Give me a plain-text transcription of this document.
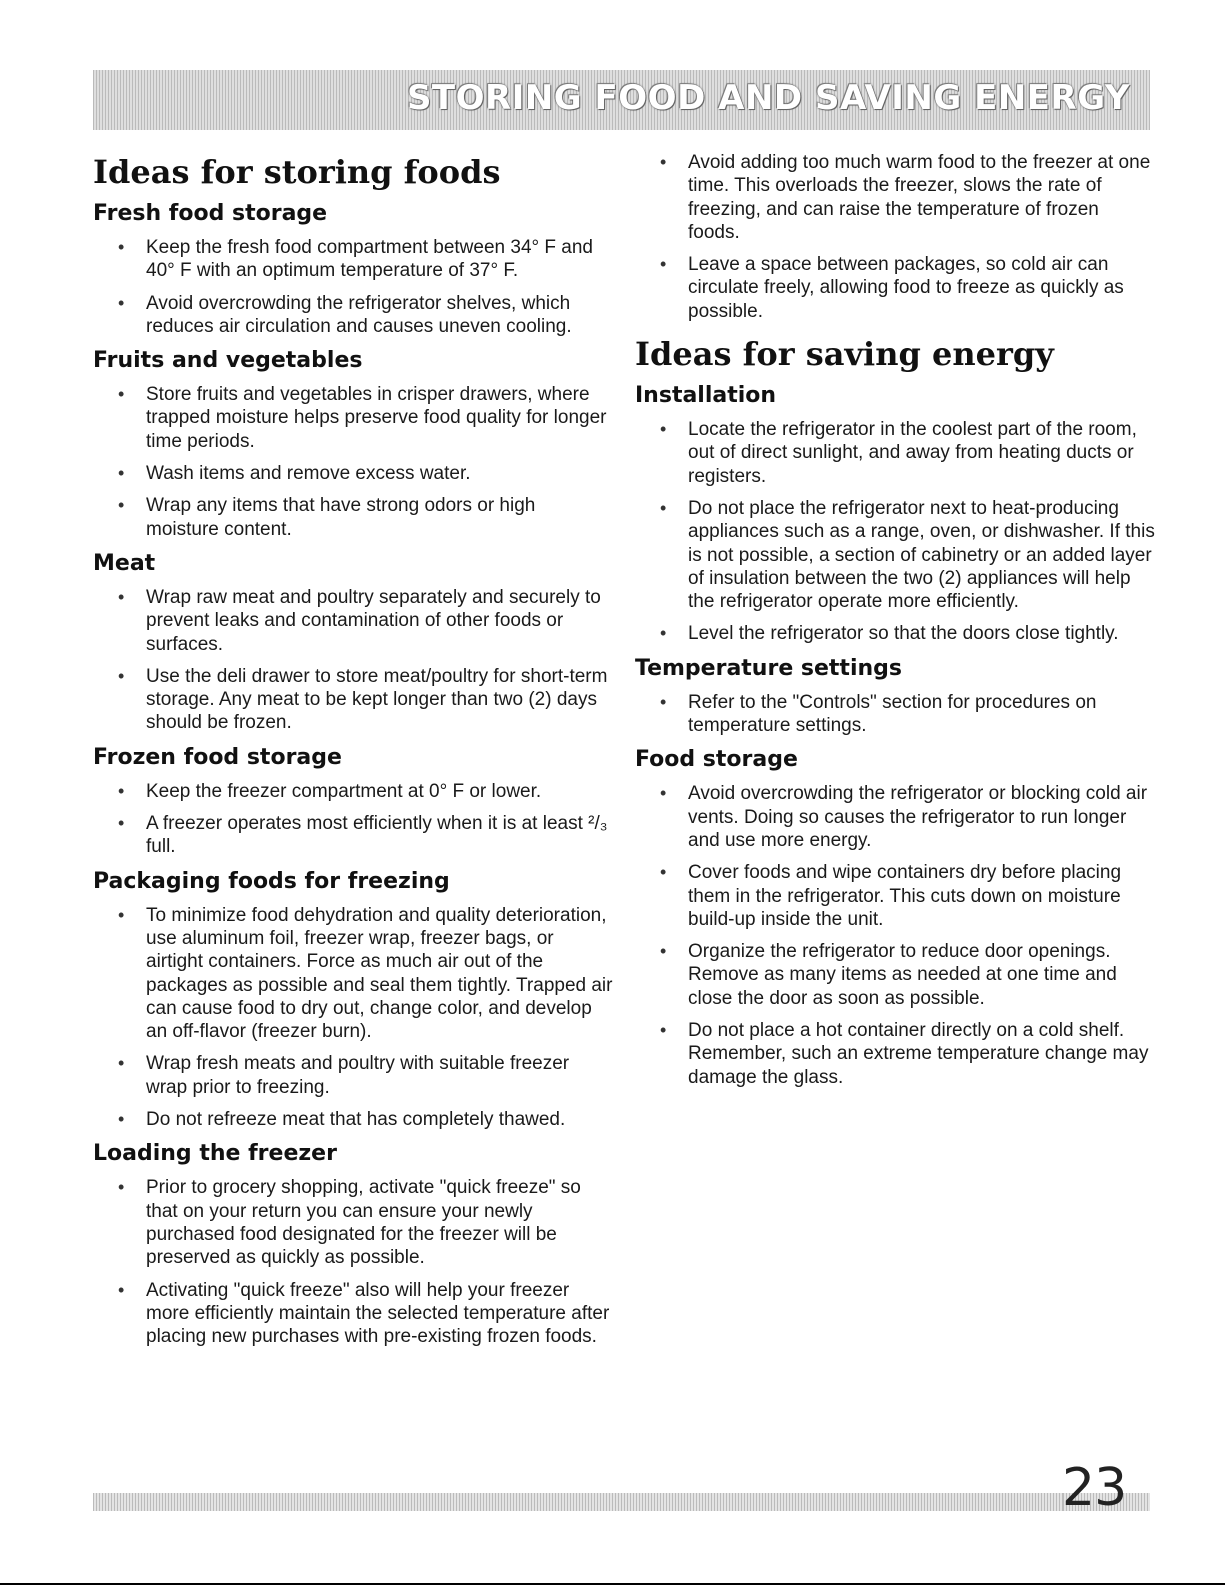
STORING FOOD AND SAVING ENERGY
Ideas for storing foods
Fresh food storage
• Keep the fresh food compartment between 34° F and 40° F with an optimum temperature of 37° F.
• Avoid overcrowding the refrigerator shelves, which reduces air circulation and causes uneven cooling.
Fruits and vegetables
• Store fruits and vegetables in crisper drawers, where trapped moisture helps preserve food quality for longer time periods.
• Wash items and remove excess water.
• Wrap any items that have strong odors or high moisture content.
Meat
• Wrap raw meat and poultry separately and securely to prevent leaks and contamination of other foods or surfaces.
• Use the deli drawer to store meat/poultry for short-term storage. Any meat to be kept longer than two (2) days should be frozen.
Frozen food storage
• Keep the freezer compartment at 0° F or lower.
• A freezer operates most efficiently when it is at least ²/₃ full.
Packaging foods for freezing
• To minimize food dehydration and quality deterioration, use aluminum foil, freezer wrap, freezer bags, or airtight containers. Force as much air out of the packages as possible and seal them tightly. Trapped air can cause food to dry out, change color, and develop an off-flavor (freezer burn).
• Wrap fresh meats and poultry with suitable freezer wrap prior to freezing.
• Do not refreeze meat that has completely thawed.
Loading the freezer
• Prior to grocery shopping, activate "quick freeze" so that on your return you can ensure your newly purchased food designated for the freezer will be preserved as quickly as possible.
• Activating "quick freeze" also will help your freezer more efficiently maintain the selected temperature after placing new purchases with pre-existing frozen foods.
• Avoid adding too much warm food to the freezer at one time. This overloads the freezer, slows the rate of freezing, and can raise the temperature of frozen foods.
• Leave a space between packages, so cold air can circulate freely, allowing food to freeze as quickly as possible.
Ideas for saving energy
Installation
• Locate the refrigerator in the coolest part of the room, out of direct sunlight, and away from heating ducts or registers.
• Do not place the refrigerator next to heat-producing appliances such as a range, oven, or dishwasher. If this is not possible, a section of cabinetry or an added layer of insulation between the two (2) appliances will help the refrigerator operate more efficiently.
• Level the refrigerator so that the doors close tightly.
Temperature settings
• Refer to the "Controls" section for procedures on temperature settings.
Food storage
• Avoid overcrowding the refrigerator or blocking cold air vents. Doing so causes the refrigerator to run longer and use more energy.
• Cover foods and wipe containers dry before placing them in the refrigerator. This cuts down on moisture build-up inside the unit.
• Organize the refrigerator to reduce door openings. Remove as many items as needed at one time and close the door as soon as possible.
• Do not place a hot container directly on a cold shelf. Remember, such an extreme temperature change may damage the glass.
23
